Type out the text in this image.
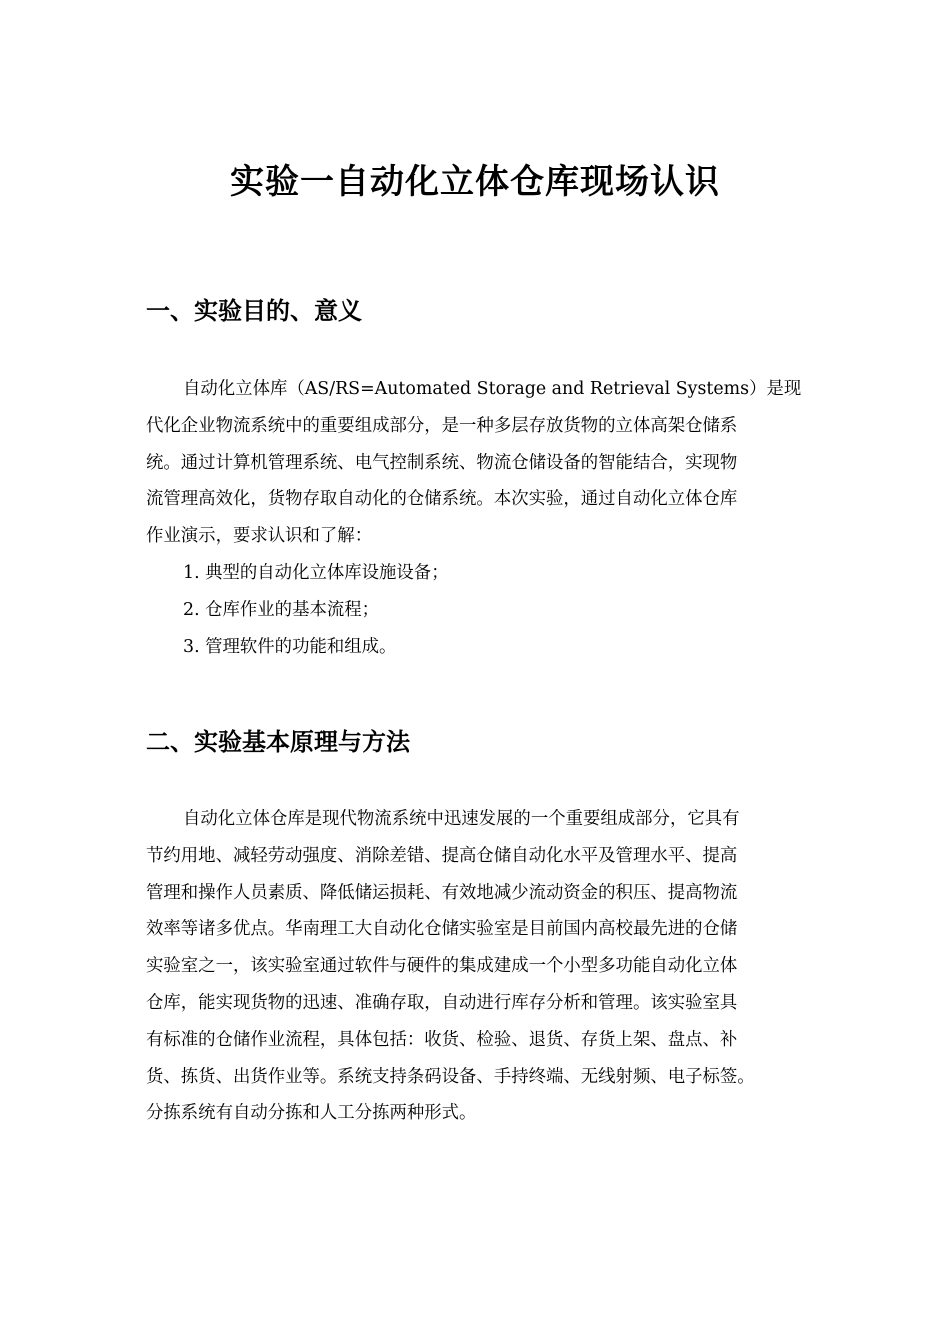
实验一自动化立体仓库现场认识
一、实验目的、意义
自动化立体库（AS/RS=Automated Storage and Retrieval Systems）是现
代化企业物流系统中的重要组成部分，是一种多层存放货物的立体高架仓储系
统。通过计算机管理系统、电气控制系统、物流仓储设备的智能结合，实现物
流管理高效化，货物存取自动化的仓储系统。本次实验，通过自动化立体仓库
作业演示，要求认识和了解：
1. 典型的自动化立体库设施设备；
2. 仓库作业的基本流程；
3. 管理软件的功能和组成。
二、实验基本原理与方法
自动化立体仓库是现代物流系统中迅速发展的一个重要组成部分，它具有
节约用地、减轻劳动强度、消除差错、提高仓储自动化水平及管理水平、提高
管理和操作人员素质、降低储运损耗、有效地减少流动资金的积压、提高物流
效率等诸多优点。华南理工大自动化仓储实验室是目前国内高校最先进的仓储
实验室之一，该实验室通过软件与硬件的集成建成一个小型多功能自动化立体
仓库，能实现货物的迅速、准确存取，自动进行库存分析和管理。该实验室具
有标准的仓储作业流程，具体包括：收货、检验、退货、存货上架、盘点、补
货、拣货、出货作业等。系统支持条码设备、手持终端、无线射频、电子标签。
分拣系统有自动分拣和人工分拣两种形式。
